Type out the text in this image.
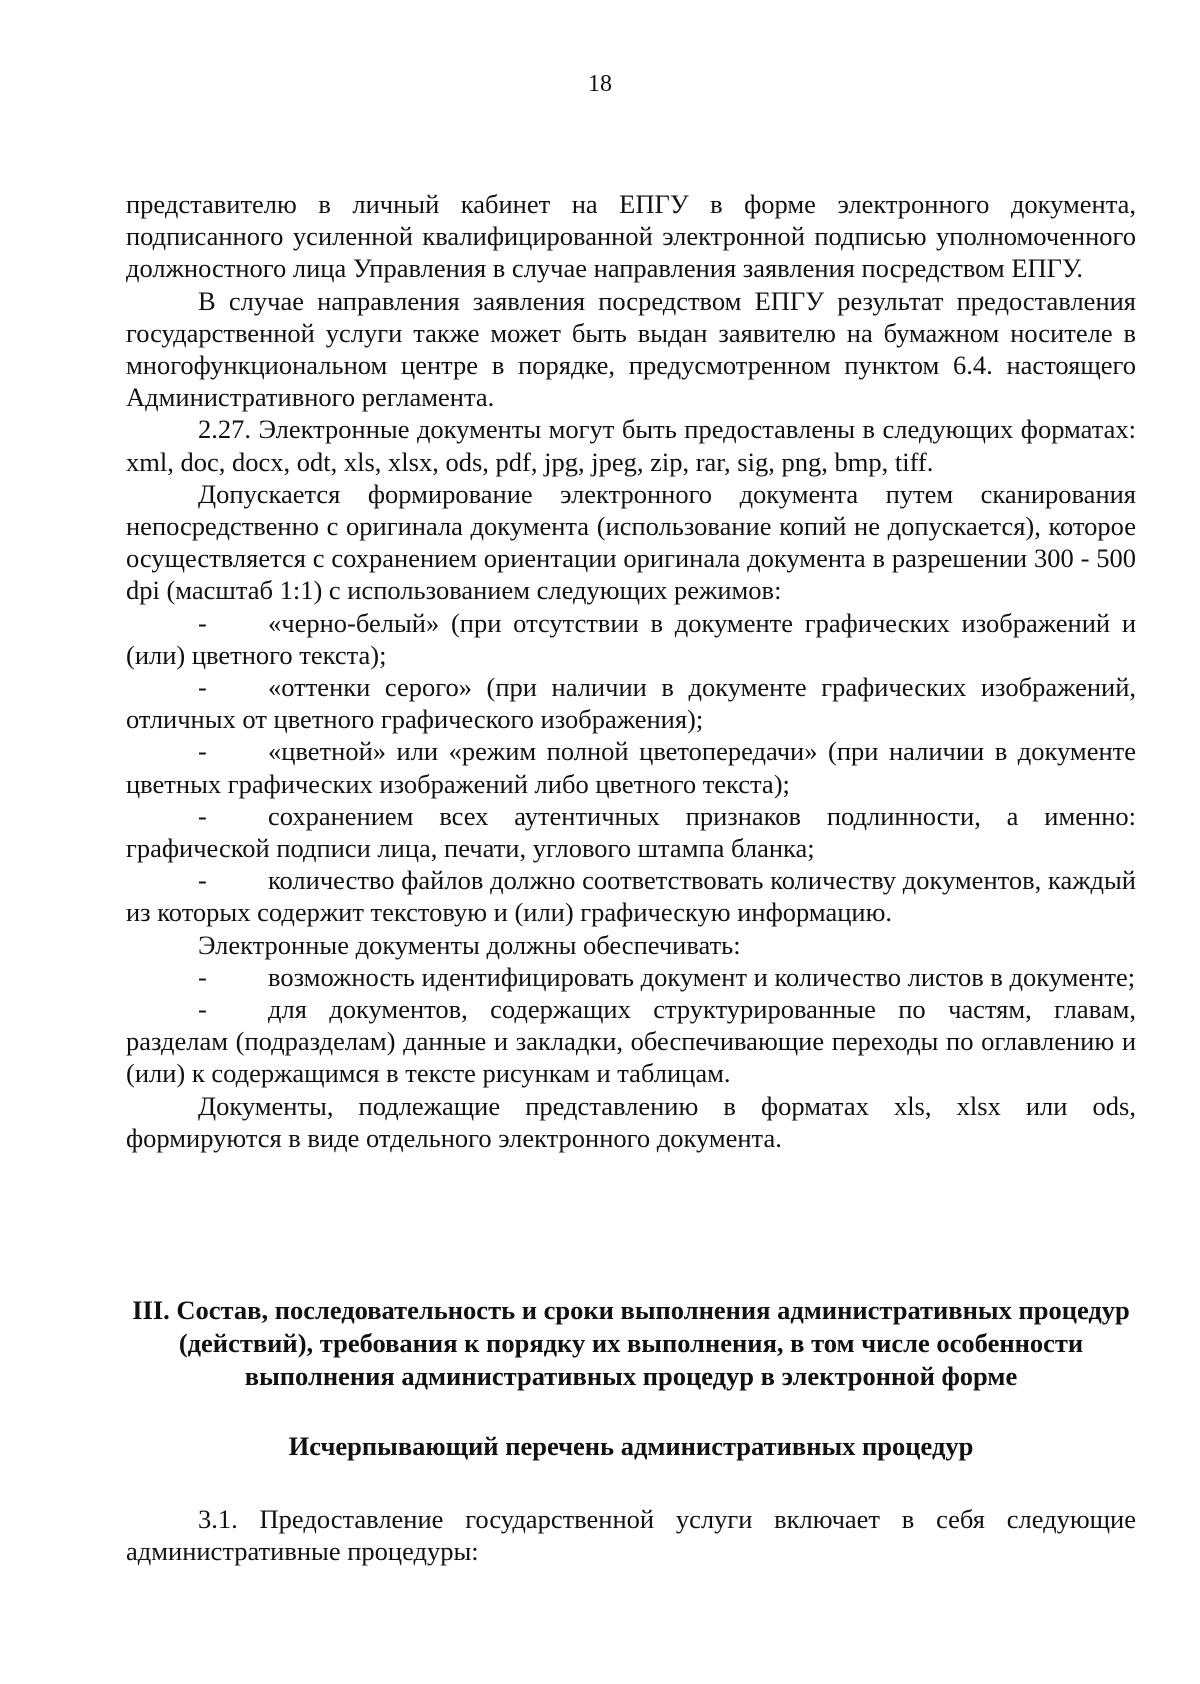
18

представителю в личный кабинет на ЕПГУ в форме электронного документа, подписанного усиленной квалифицированной электронной подписью уполномоченного должностного лица Управления в случае направления заявления посредством ЕПГУ.

В случае направления заявления посредством ЕПГУ результат предоставления государственной услуги также может быть выдан заявителю на бумажном носителе в многофункциональном центре в порядке, предусмотренном пунктом 6.4. настоящего Административного регламента.

2.27. Электронные документы могут быть предоставлены в следующих форматах: xml, doc, docx, odt, xls, xlsx, ods, pdf, jpg, jpeg, zip, rar, sig, png, bmp, tiff.

Допускается формирование электронного документа путем сканирования непосредственно с оригинала документа (использование копий не допускается), которое осуществляется с сохранением ориентации оригинала документа в разрешении 300 - 500 dpi (масштаб 1:1) с использованием следующих режимов:

- «черно-белый» (при отсутствии в документе графических изображений и (или) цветного текста);

- «оттенки серого» (при наличии в документе графических изображений, отличных от цветного графического изображения);

- «цветной» или «режим полной цветопередачи» (при наличии в документе цветных графических изображений либо цветного текста);

- сохранением всех аутентичных признаков подлинности, а именно: графической подписи лица, печати, углового штампа бланка;

- количество файлов должно соответствовать количеству документов, каждый из которых содержит текстовую и (или) графическую информацию.

Электронные документы должны обеспечивать:

- возможность идентифицировать документ и количество листов в документе;

- для документов, содержащих структурированные по частям, главам, разделам (подразделам) данные и закладки, обеспечивающие переходы по оглавлению и (или) к содержащимся в тексте рисункам и таблицам.

Документы, подлежащие представлению в форматах xls, xlsx или ods, формируются в виде отдельного электронного документа.

III. Состав, последовательность и сроки выполнения административных процедур (действий), требования к порядку их выполнения, в том числе особенности выполнения административных процедур в электронной форме
Исчерпывающий перечень административных процедур

3.1. Предоставление государственной услуги включает в себя следующие административные процедуры:
